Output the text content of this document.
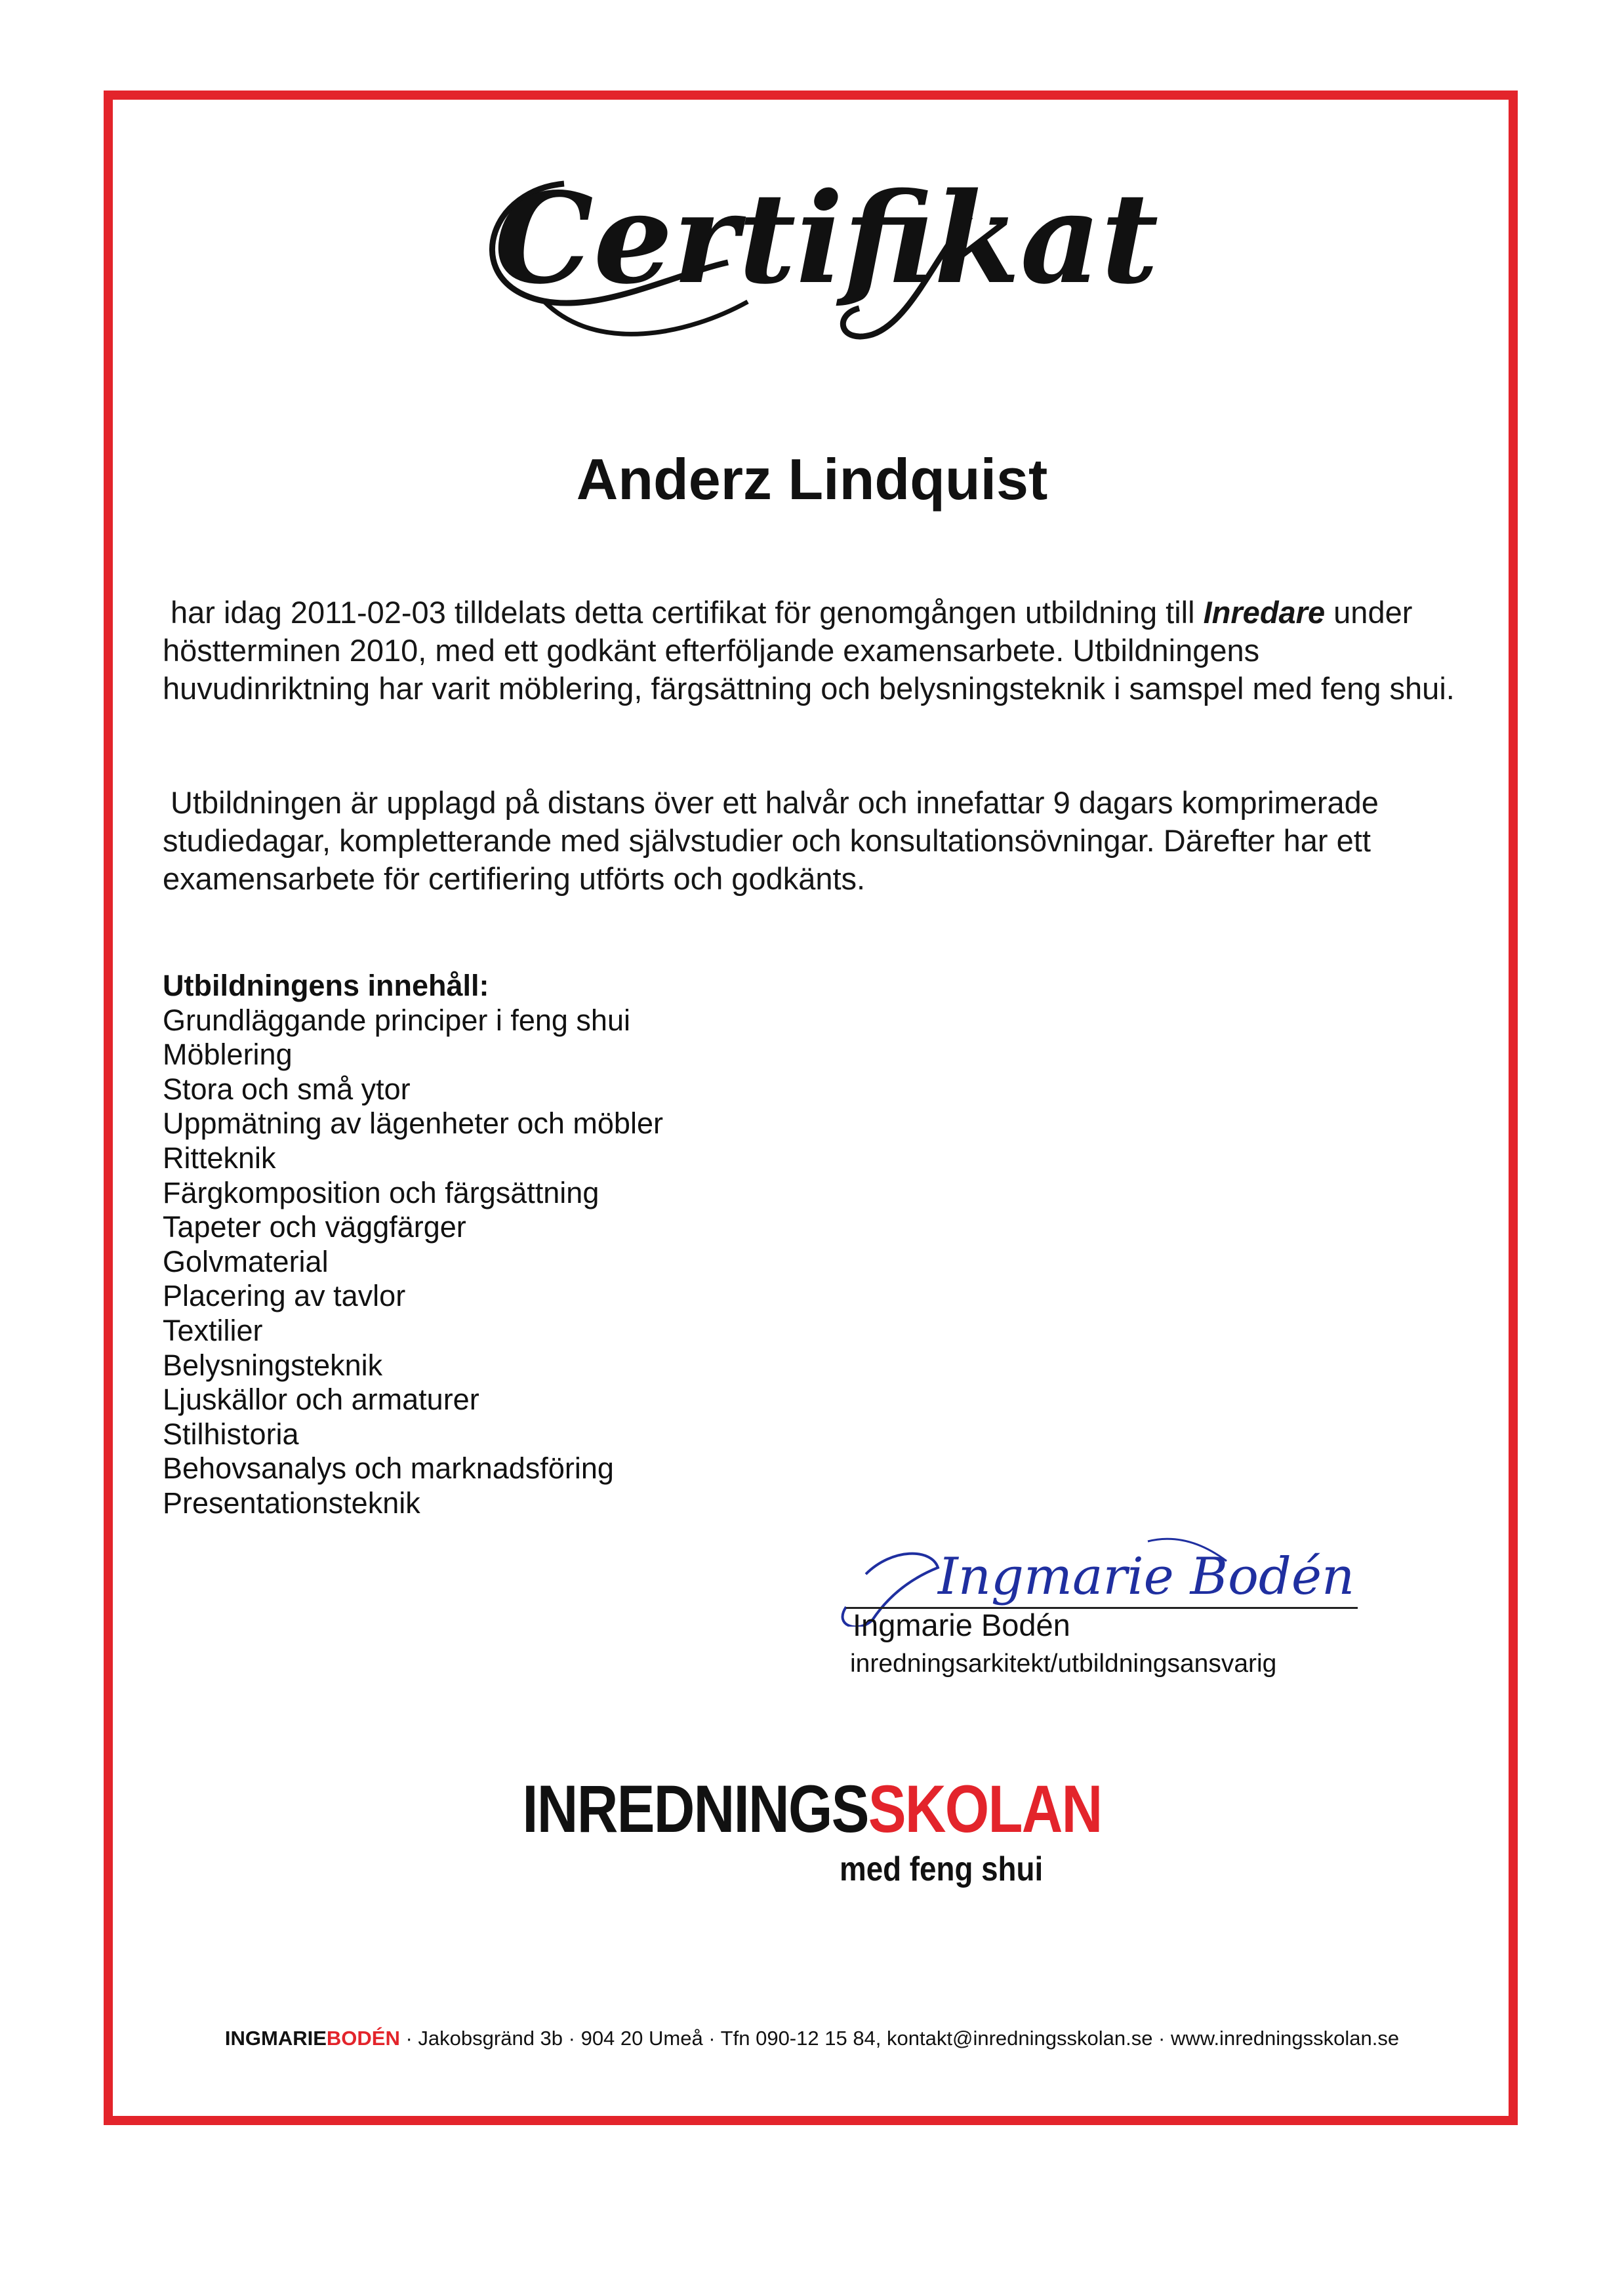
Certifikat
Anderz Lindquist
har idag 2011-02-03 tilldelats detta certifikat för genomgången utbildning till Inredare under höstterminen 2010, med ett godkänt efterföljande examensarbete. Utbildningens huvudinriktning har varit möblering, färgsättning och belysningsteknik i samspel med feng shui.
Utbildningen är upplagd på distans över ett halvår och innefattar 9 dagars komprimerade studiedagar, kompletterande med självstudier och konsultationsövningar. Därefter har ett examensarbete för certifiering utförts och godkänts.
Utbildningens innehåll:
Grundläggande principer i feng shui
Möblering
Stora och små ytor
Uppmätning av lägenheter och möbler
Ritteknik
Färgkomposition och färgsättning
Tapeter och väggfärger
Golvmaterial
Placering av tavlor
Textilier
Belysningsteknik
Ljuskällor och armaturer
Stilhistoria
Behovsanalys och marknadsföring
Presentationsteknik
Ingmarie Bodén
Ingmarie Bodén
inredningsarkitekt/utbildningsansvarig
INREDNINGSSKOLAN
med feng shui
INGMARIEBODÉN · Jakobsgränd 3b · 904 20 Umeå · Tfn 090-12 15 84, kontakt@inredningsskolan.se · www.inredningsskolan.se
